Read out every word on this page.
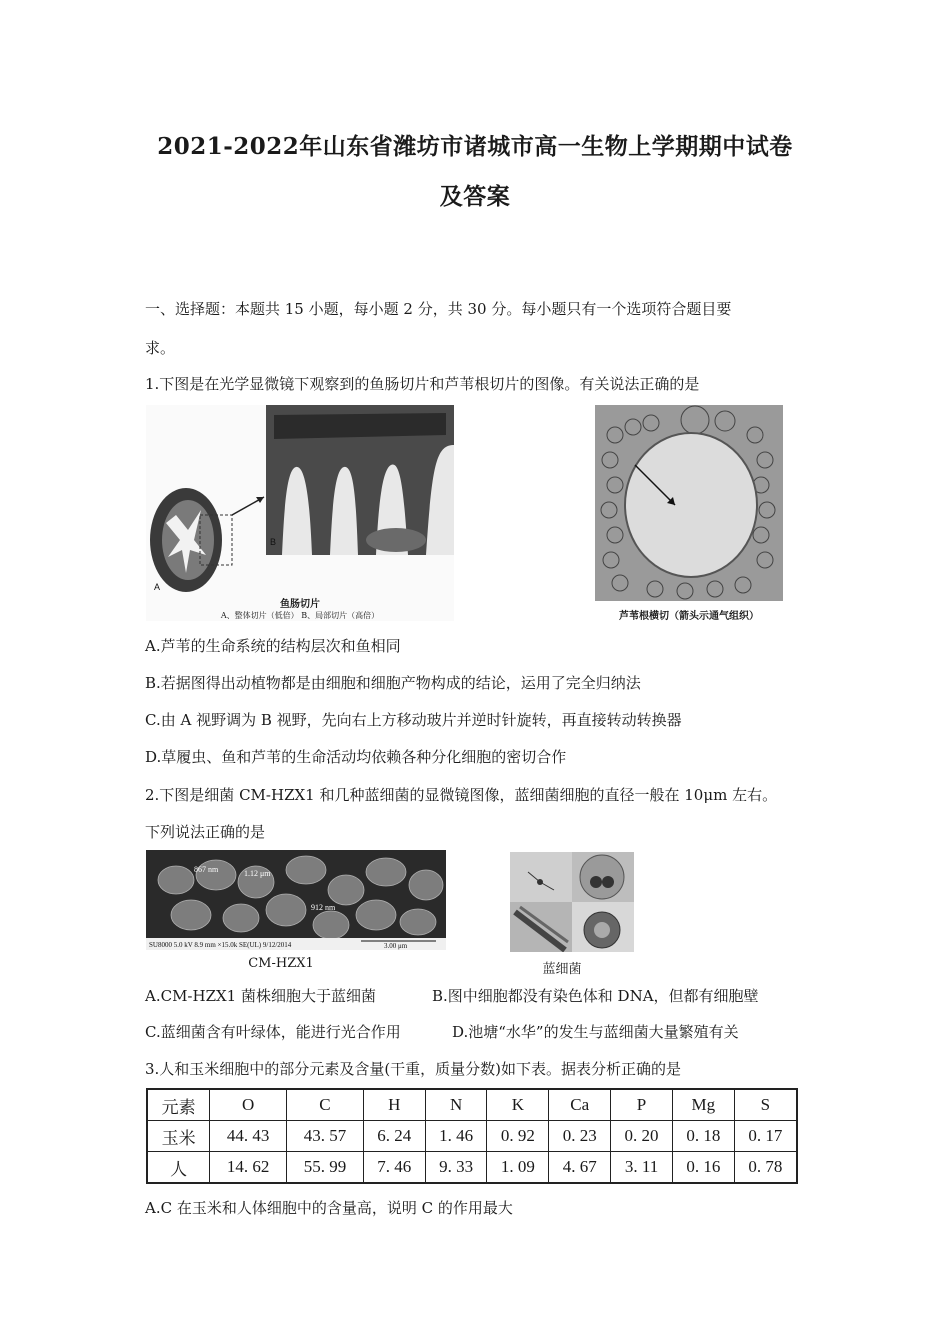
2021-2022年山东省潍坊市诸城市高一生物上学期期中试卷
及答案
一、选择题：本题共 15 小题，每小题 2 分，共 30 分。每小题只有一个选项符合题目要
求。
1.下图是在光学显微镜下观察到的鱼肠切片和芦苇根切片的图像。有关说法正确的是
A
B
鱼肠切片
A、整体切片（低倍） B、局部切片（高倍）	芦苇根横切（箭头示通气组织）
A.芦苇的生命系统的结构层次和鱼相同
B.若据图得出动植物都是由细胞和细胞产物构成的结论，运用了完全归纳法
C.由 A 视野调为 B 视野，先向右上方移动玻片并逆时针旋转，再直接转动转换器
D.草履虫、鱼和芦苇的生命活动均依赖各种分化细胞的密切合作
2.下图是细菌 CM-HZX1 和几种蓝细菌的显微镜图像，蓝细菌细胞的直径一般在 10μm 左右。
下列说法正确的是
867 nm	1.12 μm
912 nm
SU8000 5.0 kV 8.9 mm ×15.0k SE(UL) 9/12/2014	3.00 μm
CM-HZX1	蓝细菌
A.CM-HZX1 菌株细胞大于蓝细菌	B.图中细胞都没有染色体和 DNA，但都有细胞壁
C.蓝细菌含有叶绿体，能进行光合作用	D.池塘“水华”的发生与蓝细菌大量繁殖有关
3.人和玉米细胞中的部分元素及含量(干重，质量分数)如下表。据表分析正确的是
元素	O	C	H	N	K	Ca	P	Mg	S
玉米	44. 43	43. 57	6. 24	1. 46	0. 92	0. 23	0. 20	0. 18	0. 17
人	14. 62	55. 99	7. 46	9. 33	1. 09	4. 67	3. 11	0. 16	0. 78
A.C 在玉米和人体细胞中的含量高，说明 C 的作用最大
